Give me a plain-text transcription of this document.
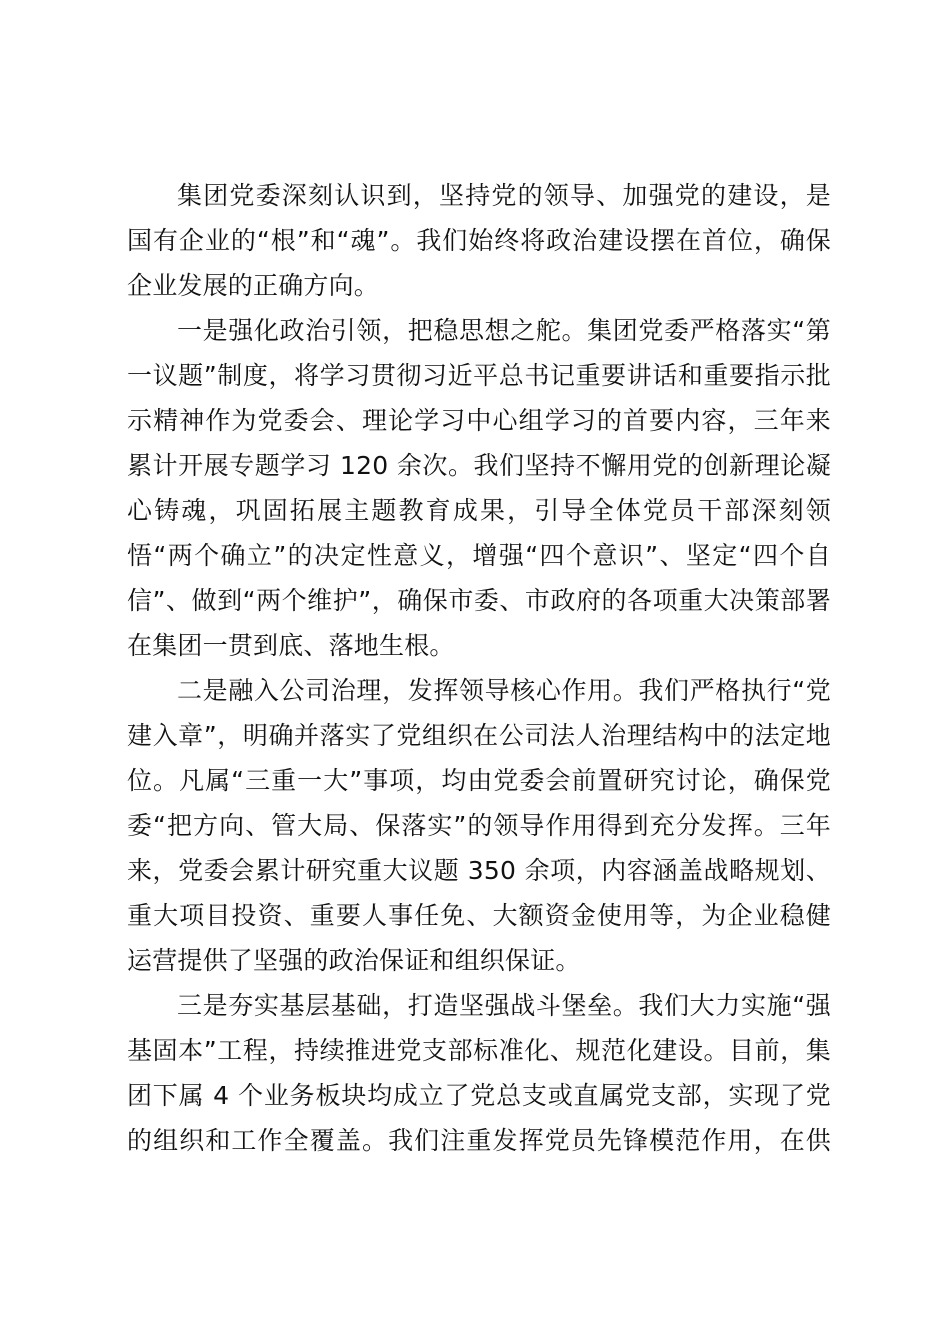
集团党委深刻认识到，坚持党的领导、加强党的建设，是
国有企业的“根”和“魂”。我们始终将政治建设摆在首位，确保
企业发展的正确方向。
一是强化政治引领，把稳思想之舵。集团党委严格落实“第
一议题”制度，将学习贯彻习近平总书记重要讲话和重要指示批
示精神作为党委会、理论学习中心组学习的首要内容，三年来
累计开展专题学习 120 余次。我们坚持不懈用党的创新理论凝
心铸魂，巩固拓展主题教育成果，引导全体党员干部深刻领
悟“两个确立”的决定性意义，增强“四个意识”、坚定“四个自
信”、做到“两个维护”，确保市委、市政府的各项重大决策部署
在集团一贯到底、落地生根。
二是融入公司治理，发挥领导核心作用。我们严格执行“党
建入章”，明确并落实了党组织在公司法人治理结构中的法定地
位。凡属“三重一大”事项，均由党委会前置研究讨论，确保党
委“把方向、管大局、保落实”的领导作用得到充分发挥。三年
来，党委会累计研究重大议题 350 余项，内容涵盖战略规划、
重大项目投资、重要人事任免、大额资金使用等，为企业稳健
运营提供了坚强的政治保证和组织保证。
三是夯实基层基础，打造坚强战斗堡垒。我们大力实施“强
基固本”工程，持续推进党支部标准化、规范化建设。目前，集
团下属 4 个业务板块均成立了党总支或直属党支部，实现了党
的组织和工作全覆盖。我们注重发挥党员先锋模范作用，在供
